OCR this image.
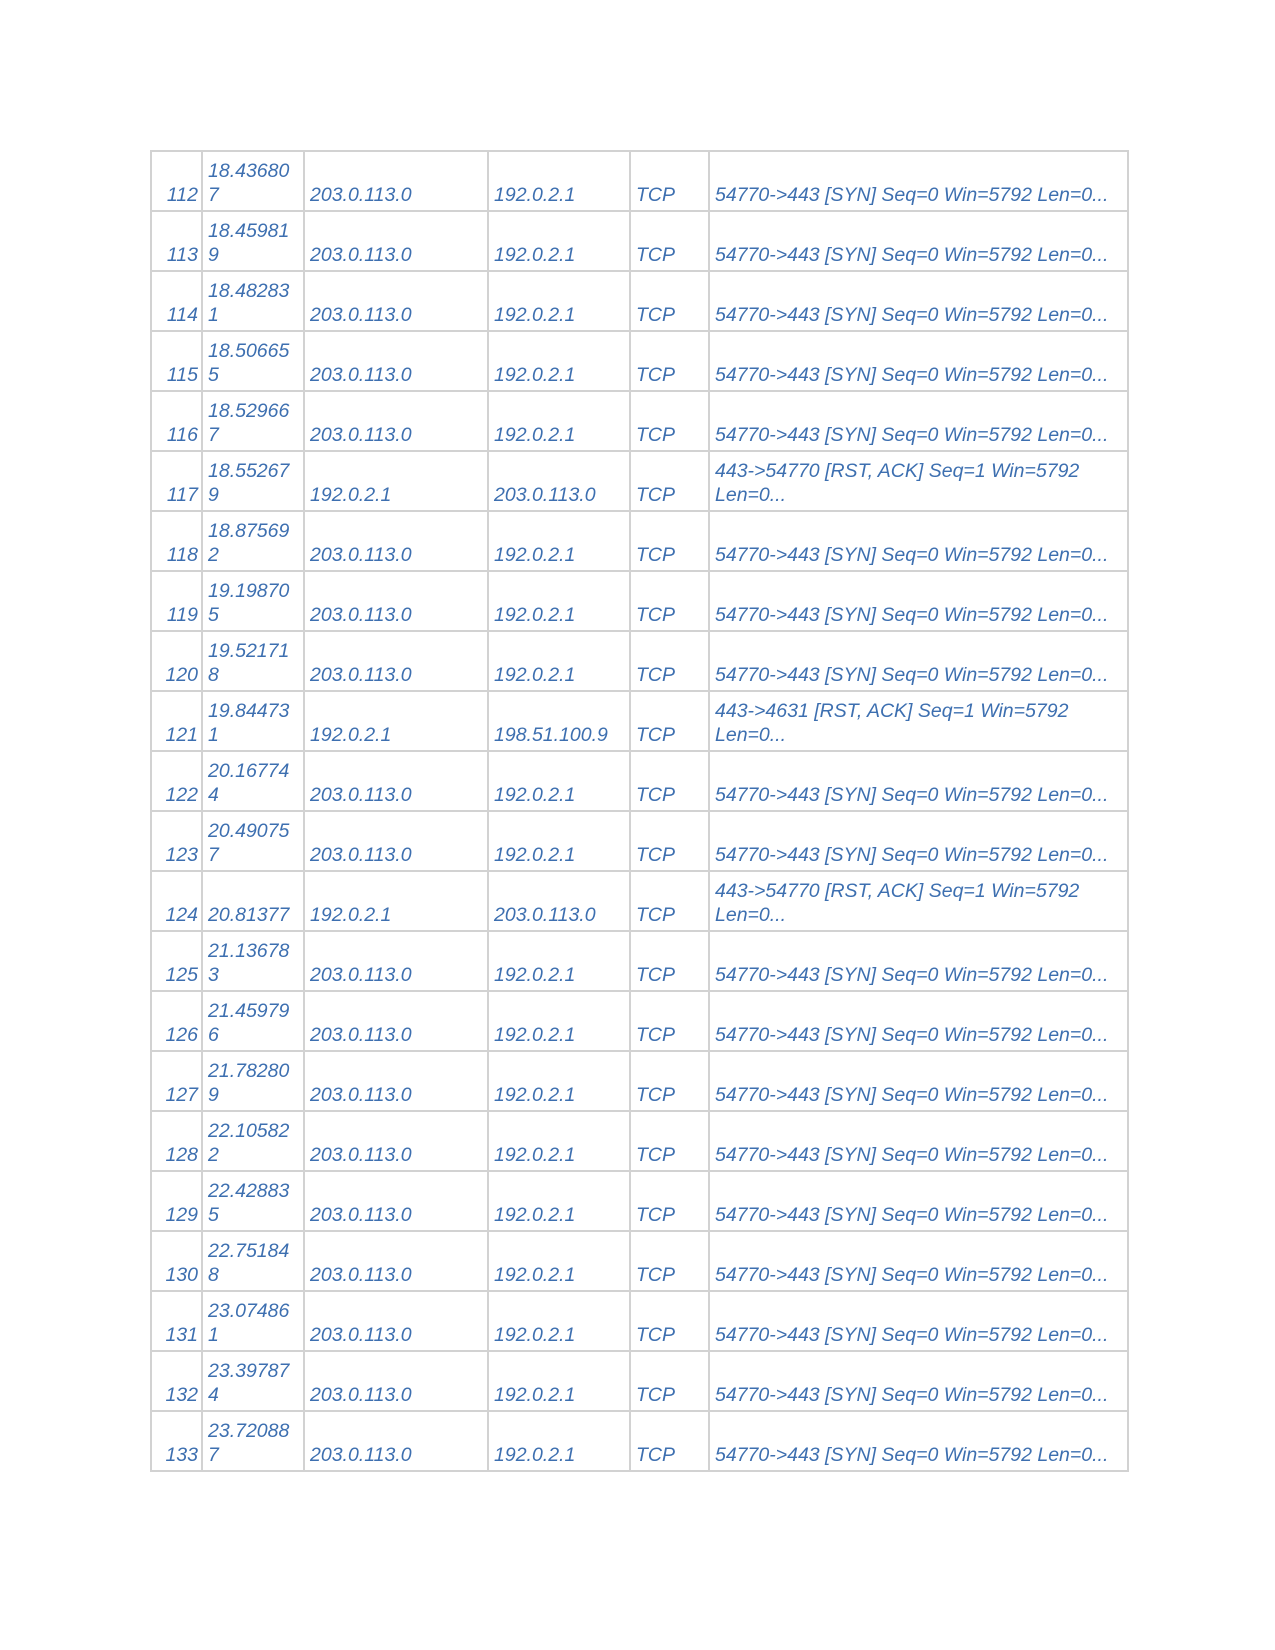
112	18.436807	203.0.113.0	192.0.2.1	TCP	54770->443 [SYN] Seq=0 Win=5792 Len=0...
113	18.459819	203.0.113.0	192.0.2.1	TCP	54770->443 [SYN] Seq=0 Win=5792 Len=0...
114	18.482831	203.0.113.0	192.0.2.1	TCP	54770->443 [SYN] Seq=0 Win=5792 Len=0...
115	18.506655	203.0.113.0	192.0.2.1	TCP	54770->443 [SYN] Seq=0 Win=5792 Len=0...
116	18.529667	203.0.113.0	192.0.2.1	TCP	54770->443 [SYN] Seq=0 Win=5792 Len=0...
117	18.552679	192.0.2.1	203.0.113.0	TCP	443->54770 [RST, ACK] Seq=1 Win=5792 Len=0...
118	18.875692	203.0.113.0	192.0.2.1	TCP	54770->443 [SYN] Seq=0 Win=5792 Len=0...
119	19.198705	203.0.113.0	192.0.2.1	TCP	54770->443 [SYN] Seq=0 Win=5792 Len=0...
120	19.521718	203.0.113.0	192.0.2.1	TCP	54770->443 [SYN] Seq=0 Win=5792 Len=0...
121	19.844731	192.0.2.1	198.51.100.9	TCP	443->4631 [RST, ACK] Seq=1 Win=5792 Len=0...
122	20.167744	203.0.113.0	192.0.2.1	TCP	54770->443 [SYN] Seq=0 Win=5792 Len=0...
123	20.490757	203.0.113.0	192.0.2.1	TCP	54770->443 [SYN] Seq=0 Win=5792 Len=0...
124	20.81377	192.0.2.1	203.0.113.0	TCP	443->54770 [RST, ACK] Seq=1 Win=5792 Len=0...
125	21.136783	203.0.113.0	192.0.2.1	TCP	54770->443 [SYN] Seq=0 Win=5792 Len=0...
126	21.459796	203.0.113.0	192.0.2.1	TCP	54770->443 [SYN] Seq=0 Win=5792 Len=0...
127	21.782809	203.0.113.0	192.0.2.1	TCP	54770->443 [SYN] Seq=0 Win=5792 Len=0...
128	22.105822	203.0.113.0	192.0.2.1	TCP	54770->443 [SYN] Seq=0 Win=5792 Len=0...
129	22.428835	203.0.113.0	192.0.2.1	TCP	54770->443 [SYN] Seq=0 Win=5792 Len=0...
130	22.751848	203.0.113.0	192.0.2.1	TCP	54770->443 [SYN] Seq=0 Win=5792 Len=0...
131	23.074861	203.0.113.0	192.0.2.1	TCP	54770->443 [SYN] Seq=0 Win=5792 Len=0...
132	23.397874	203.0.113.0	192.0.2.1	TCP	54770->443 [SYN] Seq=0 Win=5792 Len=0...
133	23.720887	203.0.113.0	192.0.2.1	TCP	54770->443 [SYN] Seq=0 Win=5792 Len=0...
